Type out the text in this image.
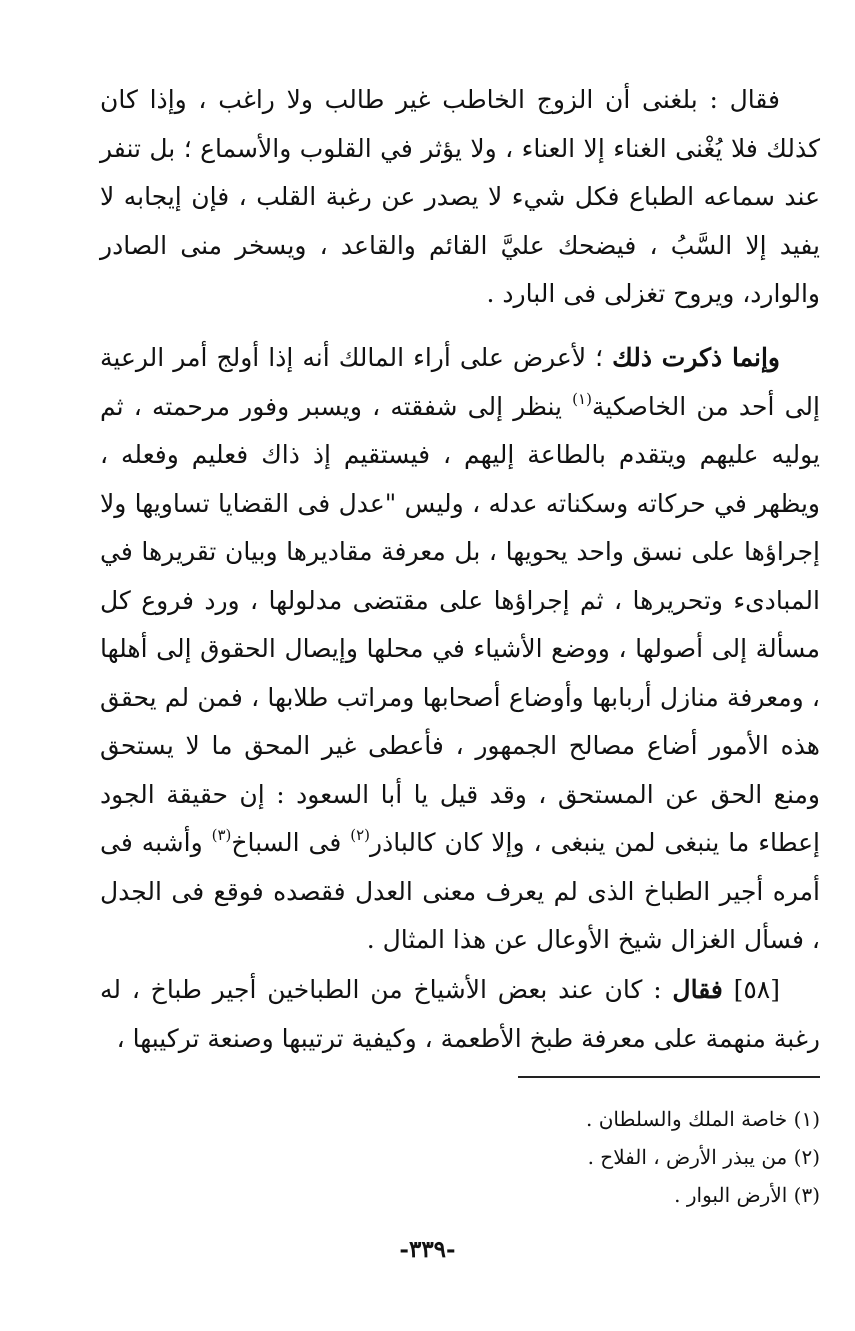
فقال : بلغنى أن الزوج الخاطب غير طالب ولا راغب ، وإذا كان كذلك فلا يُغْنى الغناء إلا العناء ، ولا يؤثر في القلوب والأسماع ؛ بل تنفر عند سماعه الطباع فكل شيء لا يصدر عن رغبة القلب ، فإن إيجابه لا يفيد إلا السَّبُ ، فيضحك عليَّ القائم والقاعد ، ويسخر منى الصادر والوارد، ويروح تغزلى فى البارد .

وإنما ذكرت ذلك ؛ لأعرض على أراء المالك أنه إذا أولج أمر الرعية إلى أحد من الخاصكية$^{(١)}$ ينظر إلى شفقته ، ويسبر وفور مرحمته ، ثم يوليه عليهم ويتقدم بالطاعة إليهم ، فيستقيم إذ ذاك فعليم وفعله ، ويظهر في حركاته وسكناته عدله ، وليس "عدل فى القضايا تساويها ولا إجراؤها على نسق واحد يحويها ، بل معرفة مقاديرها وبيان تقريرها في المبادىء وتحريرها ، ثم إجراؤها على مقتضى مدلولها ، ورد فروع كل مسألة إلى أصولها ، ووضع الأشياء في محلها وإيصال الحقوق إلى أهلها ، ومعرفة منازل أربابها وأوضاع أصحابها ومراتب طلابها ، فمن لم يحقق هذه الأمور أضاع مصالح الجمهور ، فأعطى غير المحق ما لا يستحق ومنع الحق عن المستحق ، وقد قيل يا أبا السعود : إن حقيقة الجود إعطاء ما ينبغى لمن ينبغى ، وإلا كان كالباذر$^{(٢)}$ فى السباخ$^{(٣)}$ وأشبه فى أمره أجير الطباخ الذى لم يعرف معنى العدل فقصده فوقع فى الجدل ، فسأل الغزال شيخ الأوعال عن هذا المثال .

[٥٨] فقال : كان عند بعض الأشياخ من الطباخين أجير طباخ ، له رغبة منهمة على معرفة طبخ الأطعمة ، وكيفية ترتيبها وصنعة تركيبها ،

(١) خاصة الملك والسلطان .
(٢) من يبذر الأرض ، الفلاح .
(٣) الأرض البوار .
-٣٣٩-
